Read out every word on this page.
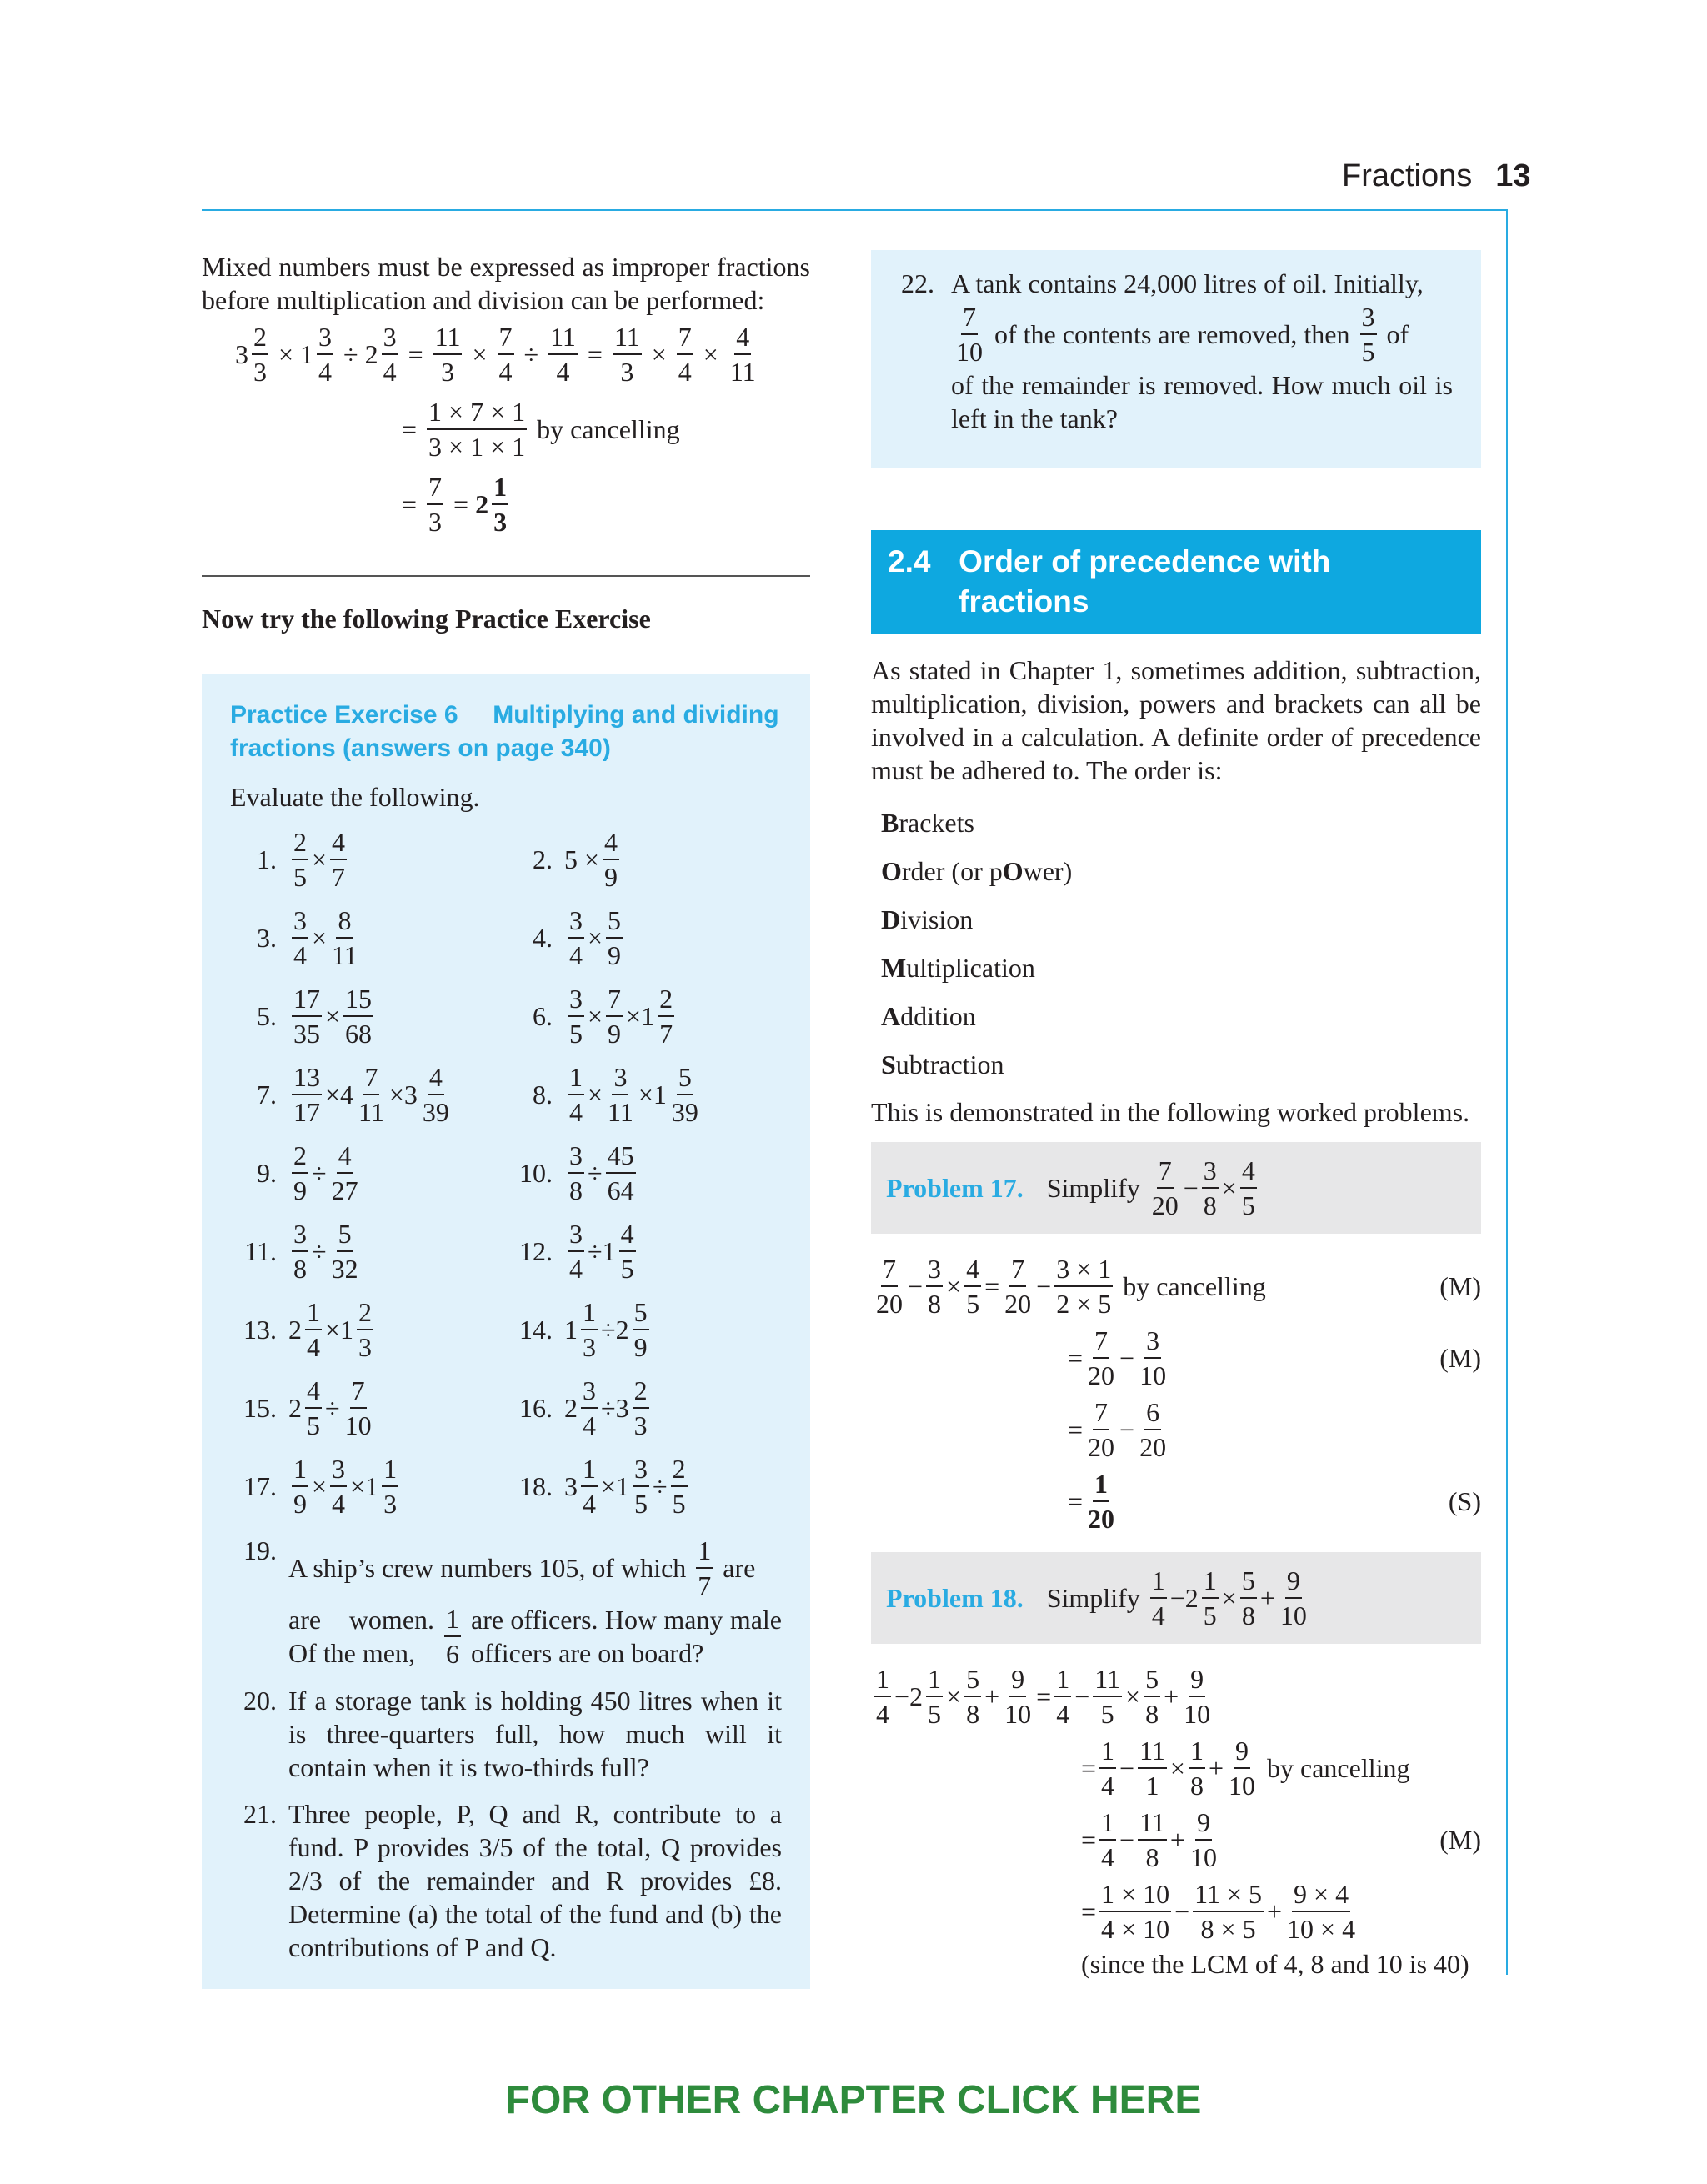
Fractions 13

Mixed numbers must be expressed as improper fractions before multiplication and division can be performed:

$3 \frac{2}{3} \times 1 \frac{3}{4} \div 2 \frac{3}{4} = \frac{11}{3} \times \frac{7}{4} \div \frac{11}{4} = \frac{11}{3} \times \frac{7}{4} \times \frac{4}{11}$
= $\frac{1 \times 7 \times 1}{3 \times 1 \times 1}$
by cancelling
= $\frac{7}{3} = 2 \frac{1}{3}$

Now try the following Practice Exercise

Practice Exercise 6     Multiplying and dividing fractions (answers on page 340)

Evaluate the following.

1. $\frac{2}{5} \times \frac{4}{7}$	2. $5 \times \frac{4}{9}$
3. $\frac{3}{4} \times \frac{8}{11}$	4. $\frac{3}{4} \times \frac{5}{9}$
5. $\frac{17}{35} \times \frac{15}{68}$	6. $\frac{3}{5} \times \frac{7}{9} \times 1 \frac{2}{7}$
7. $\frac{13}{17} \times 4 \frac{7}{11} \times 3 \frac{4}{39}$	8. $\frac{1}{4} \times \frac{3}{11} \times 1 \frac{5}{39}$
9. $\frac{2}{9} \div \frac{4}{27}$	10. $\frac{3}{8} \div \frac{45}{64}$
11. $\frac{3}{8} \div \frac{5}{32}$	12. $\frac{3}{4} \div 1 \frac{4}{5}$
13. $2 \frac{1}{4} \times 1 \frac{2}{3}$	14. $1 \frac{1}{3} \div 2 \frac{5}{9}$
15. $2 \frac{4}{5} \div \frac{7}{10}$	16. $2 \frac{3}{4} \div 3 \frac{2}{3}$
17. $\frac{1}{9} \times \frac{3}{4} \times 1 \frac{1}{3}$	18. $3 \frac{1}{4} \times 1 \frac{3}{5} \div \frac{2}{5}$
19.
A ship’s crew numbers 105, of which
$\frac{1}{7}$ are
are women. Of the men,
	$\frac{1}{6}$
are officers. How many male officers are on board?
20. If a storage tank is holding 450 litres when it is three-quarters full, how much will it contain when it is two-thirds full?
21. Three people, P, Q and R, contribute to a fund. P provides 3/5 of the total, Q provides 2/3 of the remainder and R provides £8. Determine (a) the total of the fund and (b) the contributions of P and Q.
22. A tank contains 24,000 litres of oil. Initially,
$\frac{7}{10}$
of the contents are removed, then
$\frac{3}{5}$ of
of the remainder is removed. How much oil is left in the tank?
2.4 Order of precedence with fractions

As stated in Chapter 1, sometimes addition, subtraction, multiplication, division, powers and brackets can all be involved in a calculation. A definite order of precedence must be adhered to. The order is:

Brackets
Order (or pOwer)
Division
Multiplication
Addition
Subtraction

This is demonstrated in the following worked problems.

Problem 17. Simplify
$\frac{7}{20} - \frac{3}{8} \times \frac{4}{5}$
$\frac{7}{20} - \frac{3}{8} \times \frac{4}{5} = \frac{7}{20} - \frac{3 \times 1}{2 \times 5}$
by cancelling	(M)
= $\frac{7}{20} - \frac{3}{10}$	(M)
= $\frac{7}{20} - \frac{6}{20}$
= $\frac{1}{20}$	(S)
Problem 18. Simplify
$\frac{1}{4} - 2 \frac{1}{5} \times \frac{5}{8} + \frac{9}{10}$
$\frac{1}{4} - 2 \frac{1}{5} \times \frac{5}{8} + \frac{9}{10} = \frac{1}{4} - \frac{11}{5} \times \frac{5}{8} + \frac{9}{10}$
= $\frac{1}{4} - \frac{11}{1} \times \frac{1}{8} + \frac{9}{10}$
by cancelling
= $\frac{1}{4} - \frac{11}{8} + \frac{9}{10}$	(M)
= $\frac{1 \times 10}{4 \times 10} - \frac{11 \times 5}{8 \times 5} + \frac{9 \times 4}{10 \times 4}$
(since the LCM of 4, 8 and 10 is 40)
FOR OTHER CHAPTER CLICK HERE
